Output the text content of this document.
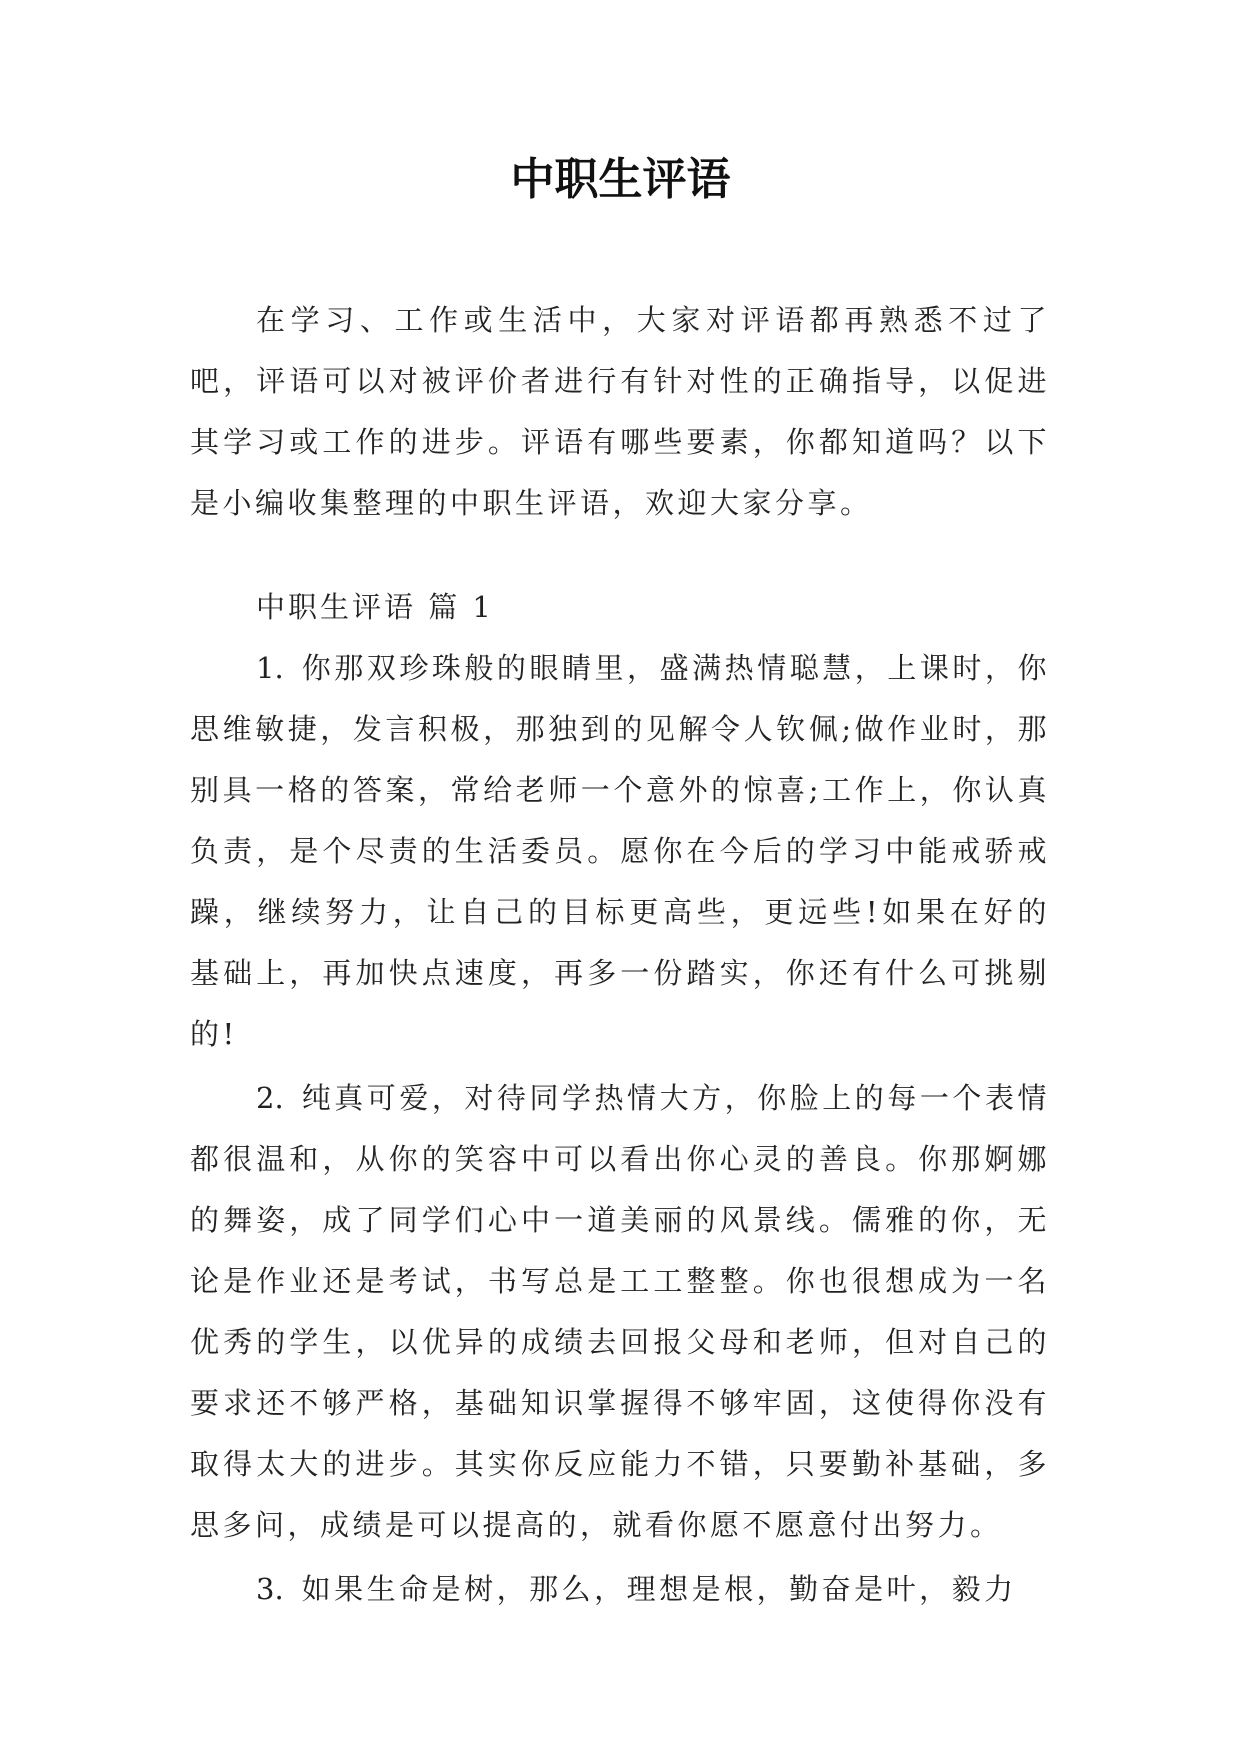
中职生评语

在学习、工作或生活中，大家对评语都再熟悉不过了吧，评语可以对被评价者进行有针对性的正确指导，以促进其学习或工作的进步。评语有哪些要素，你都知道吗？以下是小编收集整理的中职生评语，欢迎大家分享。

中职生评语 篇 1

1. 你那双珍珠般的眼睛里，盛满热情聪慧，上课时，你思维敏捷，发言积极，那独到的见解令人钦佩;做作业时，那别具一格的答案，常给老师一个意外的惊喜;工作上，你认真负责，是个尽责的生活委员。愿你在今后的学习中能戒骄戒躁，继续努力，让自己的目标更高些，更远些!如果在好的基础上，再加快点速度，再多一份踏实，你还有什么可挑剔的!

2. 纯真可爱，对待同学热情大方，你脸上的每一个表情都很温和，从你的笑容中可以看出你心灵的善良。你那婀娜的舞姿，成了同学们心中一道美丽的风景线。儒雅的你，无论是作业还是考试，书写总是工工整整。你也很想成为一名优秀的学生，以优异的成绩去回报父母和老师，但对自己的要求还不够严格，基础知识掌握得不够牢固，这使得你没有取得太大的进步。其实你反应能力不错，只要勤补基础，多思多问，成绩是可以提高的，就看你愿不愿意付出努力。

3. 如果生命是树，那么，理想是根，勤奋是叶，毅力
